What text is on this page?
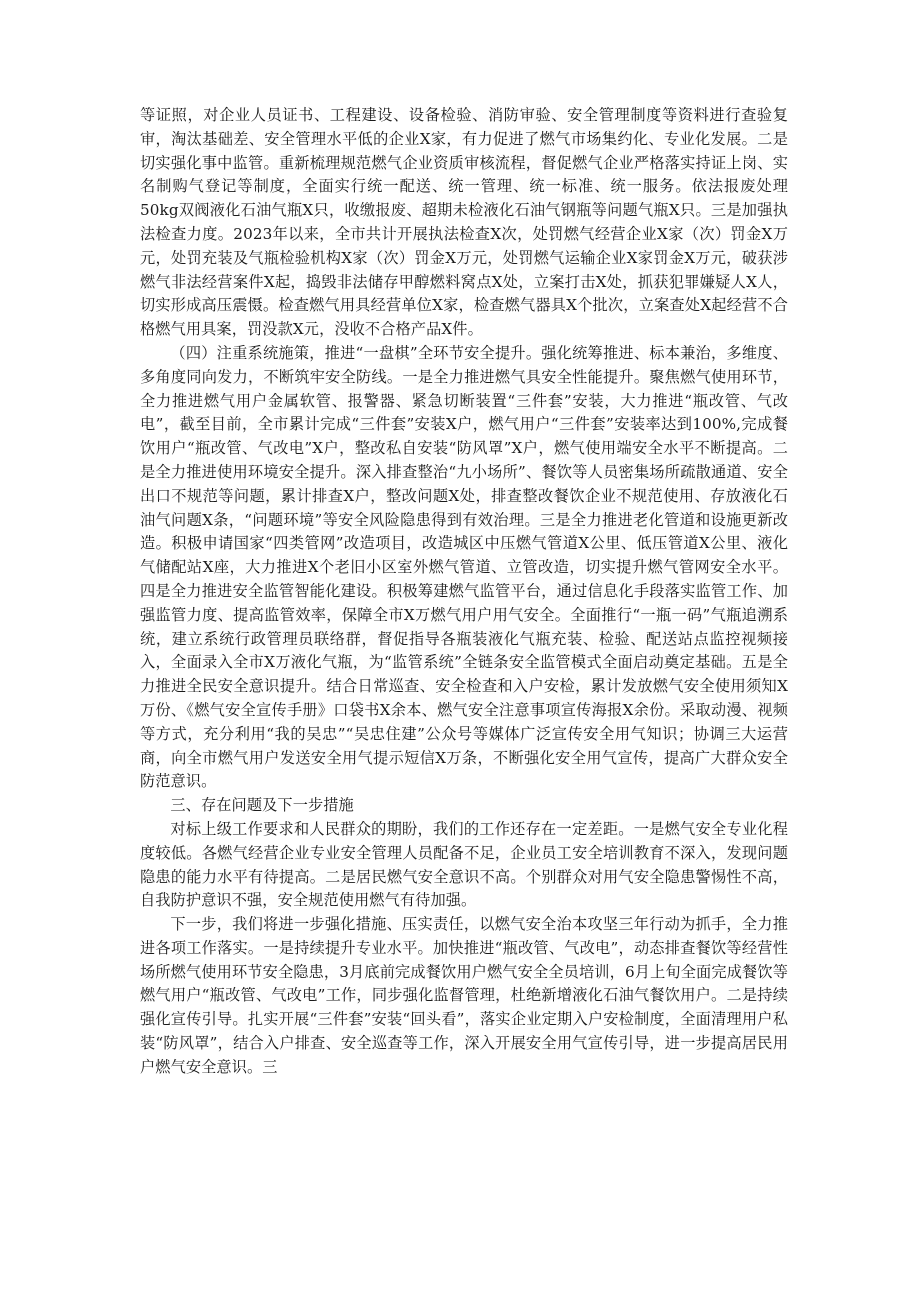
等证照，对企业人员证书、工程建设、设备检验、消防审验、安全管理制度等资料进行查验复审，淘汰基础差、安全管理水平低的企业X家，有力促进了燃气市场集约化、专业化发展。二是切实强化事中监管。重新梳理规范燃气企业资质审核流程，督促燃气企业严格落实持证上岗、实名制购气登记等制度，全面实行统一配送、统一管理、统一标准、统一服务。依法报废处理50kg双阀液化石油气瓶X只，收缴报废、超期未检液化石油气钢瓶等问题气瓶X只。三是加强执法检查力度。2023年以来，全市共计开展执法检查X次，处罚燃气经营企业X家（次）罚金X万元，处罚充装及气瓶检验机构X家（次）罚金X万元，处罚燃气运输企业X家罚金X万元，破获涉燃气非法经营案件X起，捣毁非法储存甲醇燃料窝点X处，立案打击X处，抓获犯罪嫌疑人X人，切实形成高压震慑。检查燃气用具经营单位X家，检查燃气器具X个批次，立案查处X起经营不合格燃气用具案，罚没款X元，没收不合格产品X件。

（四）注重系统施策，推进“一盘棋”全环节安全提升。强化统筹推进、标本兼治，多维度、多角度同向发力，不断筑牢安全防线。一是全力推进燃气具安全性能提升。聚焦燃气使用环节，全力推进燃气用户金属软管、报警器、紧急切断装置“三件套”安装，大力推进“瓶改管、气改电”，截至目前，全市累计完成“三件套”安装X户，燃气用户“三件套”安装率达到100%,完成餐饮用户“瓶改管、气改电”X户，整改私自安装“防风罩”X户，燃气使用端安全水平不断提高。二是全力推进使用环境安全提升。深入排查整治“九小场所”、餐饮等人员密集场所疏散通道、安全出口不规范等问题，累计排查X户，整改问题X处，排查整改餐饮企业不规范使用、存放液化石油气问题X条，“问题环境”等安全风险隐患得到有效治理。三是全力推进老化管道和设施更新改造。积极申请国家“四类管网”改造项目，改造城区中压燃气管道X公里、低压管道X公里、液化气储配站X座，大力推进X个老旧小区室外燃气管道、立管改造，切实提升燃气管网安全水平。四是全力推进安全监管智能化建设。积极筹建燃气监管平台，通过信息化手段落实监管工作、加强监管力度、提高监管效率，保障全市X万燃气用户用气安全。全面推行“一瓶一码”气瓶追溯系统，建立系统行政管理员联络群，督促指导各瓶装液化气瓶充装、检验、配送站点监控视频接入，全面录入全市X万液化气瓶，为“监管系统”全链条安全监管模式全面启动奠定基础。五是全力推进全民安全意识提升。结合日常巡查、安全检查和入户安检，累计发放燃气安全使用须知X万份、《燃气安全宣传手册》口袋书X余本、燃气安全注意事项宣传海报X余份。采取动漫、视频等方式，充分利用“我的吴忠”“吴忠住建”公众号等媒体广泛宣传安全用气知识；协调三大运营商，向全市燃气用户发送安全用气提示短信X万条，不断强化安全用气宣传，提高广大群众安全防范意识。

三、存在问题及下一步措施

对标上级工作要求和人民群众的期盼，我们的工作还存在一定差距。一是燃气安全专业化程度较低。各燃气经营企业专业安全管理人员配备不足，企业员工安全培训教育不深入，发现问题隐患的能力水平有待提高。二是居民燃气安全意识不高。个别群众对用气安全隐患警惕性不高，自我防护意识不强，安全规范使用燃气有待加强。

下一步，我们将进一步强化措施、压实责任，以燃气安全治本攻坚三年行动为抓手，全力推进各项工作落实。一是持续提升专业水平。加快推进“瓶改管、气改电”，动态排查餐饮等经营性场所燃气使用环节安全隐患，3月底前完成餐饮用户燃气安全全员培训，6月上旬全面完成餐饮等燃气用户“瓶改管、气改电”工作，同步强化监督管理，杜绝新增液化石油气餐饮用户。二是持续强化宣传引导。扎实开展“三件套”安装“回头看”，落实企业定期入户安检制度，全面清理用户私装“防风罩”，结合入户排查、安全巡查等工作，深入开展安全用气宣传引导，进一步提高居民用户燃气安全意识。三
